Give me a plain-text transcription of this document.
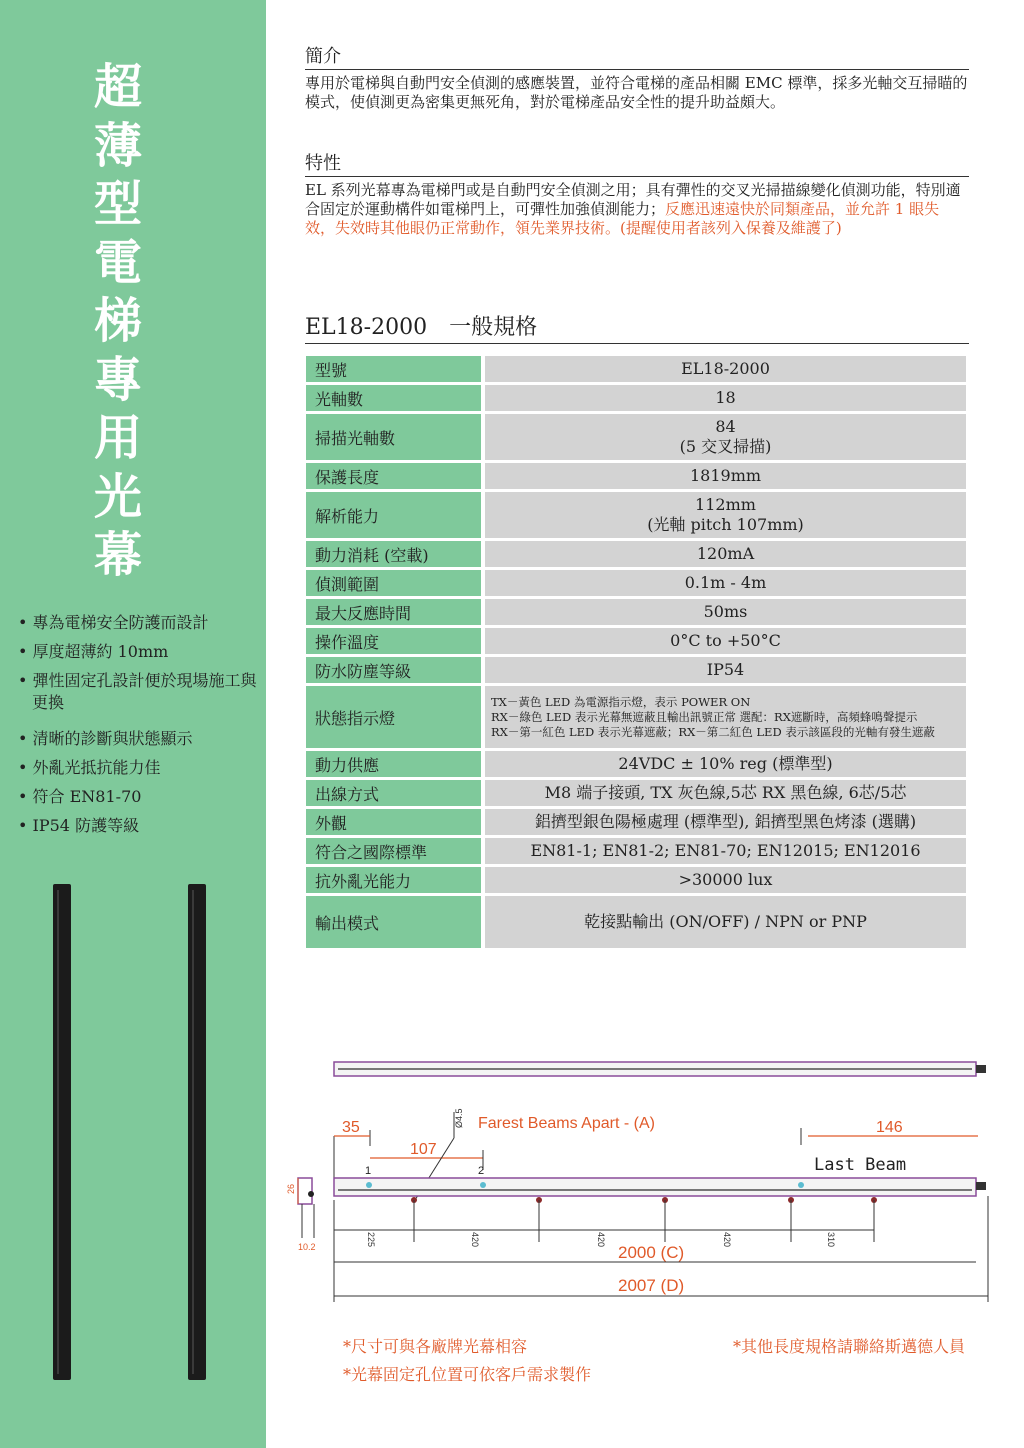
超
薄
型
電
梯
專
用
光
幕
• 專為電梯安全防護而設計
• 厚度超薄約 10mm
• 彈性固定孔設計便於現場施工與更換
• 清晰的診斷與狀態顯示
• 外亂光抵抗能力佳
• 符合 EN81-70
• IP54 防護等級
簡介
專用於電梯與自動門安全偵測的感應裝置，並符合電梯的產品相關 EMC 標準，採多光軸交互掃瞄的模式，使偵測更為密集更無死角，對於電梯產品安全性的提升助益頗大。
特性
EL 系列光幕專為電梯門或是自動門安全偵測之用；具有彈性的交叉光掃描線變化偵測功能，特別適合固定於運動構件如電梯門上，可彈性加強偵測能力；反應迅速遠快於同類產品，並允許 1 眼失效，失效時其他眼仍正常動作，領先業界技術。(提醒使用者該列入保養及維護了)
EL18-2000　一般規格
型號	EL18-2000

光軸數	18

掃描光軸數	84
(5 交叉掃描)

保護長度	1819mm

解析能力	112mm
(光軸 pitch 107mm)

動力消耗 (空載)	120mA

偵測範圍	0.1m - 4m

最大反應時間	50ms

操作溫度	0°C to +50°C

防水防塵等級	IP54

狀態指示燈	TX－黃色 LED 為電源指示燈，表示 POWER ON
RX－綠色 LED 表示光幕無遮蔽且輸出訊號正常 選配：RX遮斷時，高頻蜂鳴聲提示
RX－第一紅色 LED 表示光幕遮蔽；RX－第二紅色 LED 表示該區段的光軸有發生遮蔽

動力供應	24VDC ± 10% reg (標準型)

出線方式	M8 端子接頭, TX 灰色線,5芯 RX 黑色線, 6芯/5芯

外觀	鋁擠型銀色陽極處理 (標準型), 鋁擠型黑色烤漆 (選購)

符合之國際標準	EN81-1; EN81-2; EN81-70; EN12015; EN12016

抗外亂光能力	>30000 lux

輸出模式	乾接點輸出 (ON/OFF) / NPN or PNP
35
107
Ø4.5 Farest Beams Apart - (A)	146
Last Beam
1	2
26
10.2	225	420	420	420	310
2000 (C)
2007 (D)
*尺寸可與各廠牌光幕相容
*光幕固定孔位置可依客戶需求製作
*其他長度規格請聯絡斯邁德人員
